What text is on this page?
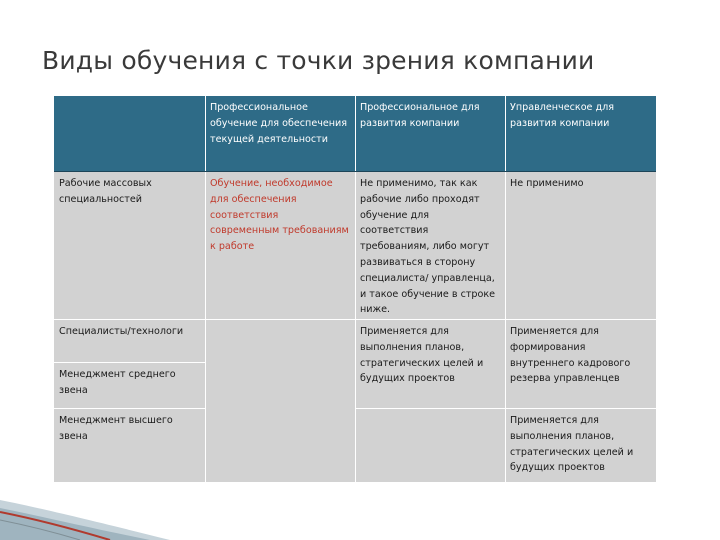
Виды обучения с точки зрения компании
Профессиональное обучение для обеспечения текущей деятельности
Профессиональное для развития компании
Управленческое для развития компании
Рабочие массовых специальностей
Обучение, необходимое для обеспечения соответствия современным требованиям к работе
Не применимо, так как рабочие либо проходят обучение для соответствия требованиям, либо могут развиваться в сторону специалиста/ управленца, и такое обучение в строке ниже.
Не применимо
Специалисты/технологи	Применяется для выполнения планов, стратегических целей и будущих проектов
Применяется для формирования внутреннего кадрового резерва управленцев
Менеджмент среднего звена
Менеджмент высшего звена
Применяется для выполнения планов, стратегических целей и будущих проектов
